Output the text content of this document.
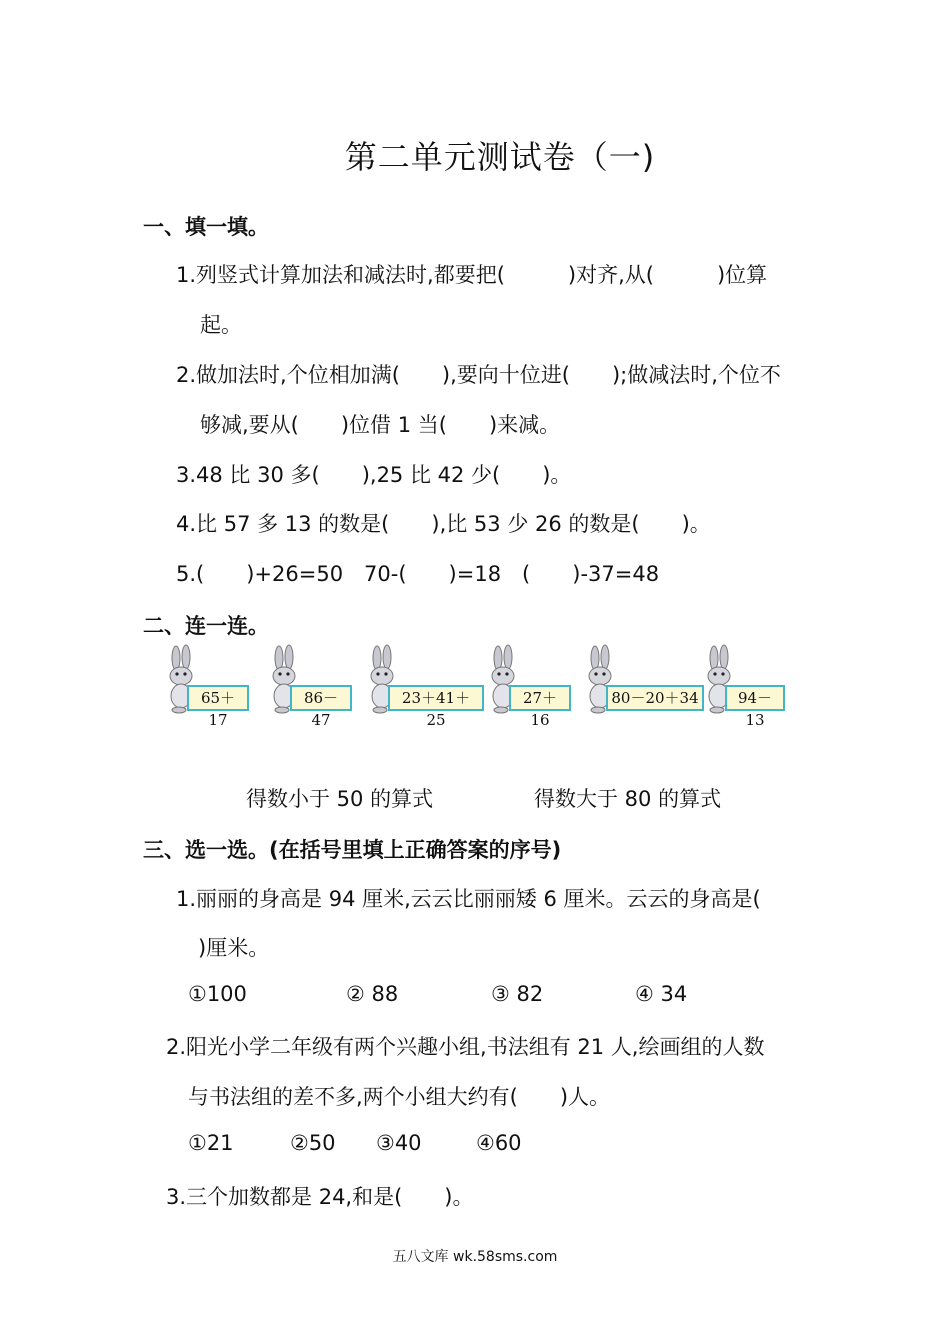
第二单元测试卷（一)
一、填一填。
1.列竖式计算加法和减法时,都要把(　　　)对齐,从(　　　)位算
起。
2.做加法时,个位相加满(　　),要向十位进(　　);做减法时,个位不
够减,要从(　　)位借 1 当(　　)来减。
3.48 比 30 多(　　),25 比 42 少(　　)。
4.比 57 多 13 的数是(　　),比 53 少 26 的数是(　　)。
5.(　　)+26=50　70-(　　)=18　(　　)-37=48
二、连一连。
65＋17
86－47
23＋41＋25
27＋16
80－20＋34	94－13
得数小于 50 的算式	得数大于 80 的算式
三、选一选。(在括号里填上正确答案的序号)
1.丽丽的身高是 94 厘米,云云比丽丽矮 6 厘米。云云的身高是(
)厘米。
①100	② 88	③ 82	④ 34
2.阳光小学二年级有两个兴趣小组,书法组有 21 人,绘画组的人数
与书法组的差不多,两个小组大约有(　　)人。
①21	②50 ③40	④60
3.三个加数都是 24,和是(　　)。
五八文库 wk.58sms.com
